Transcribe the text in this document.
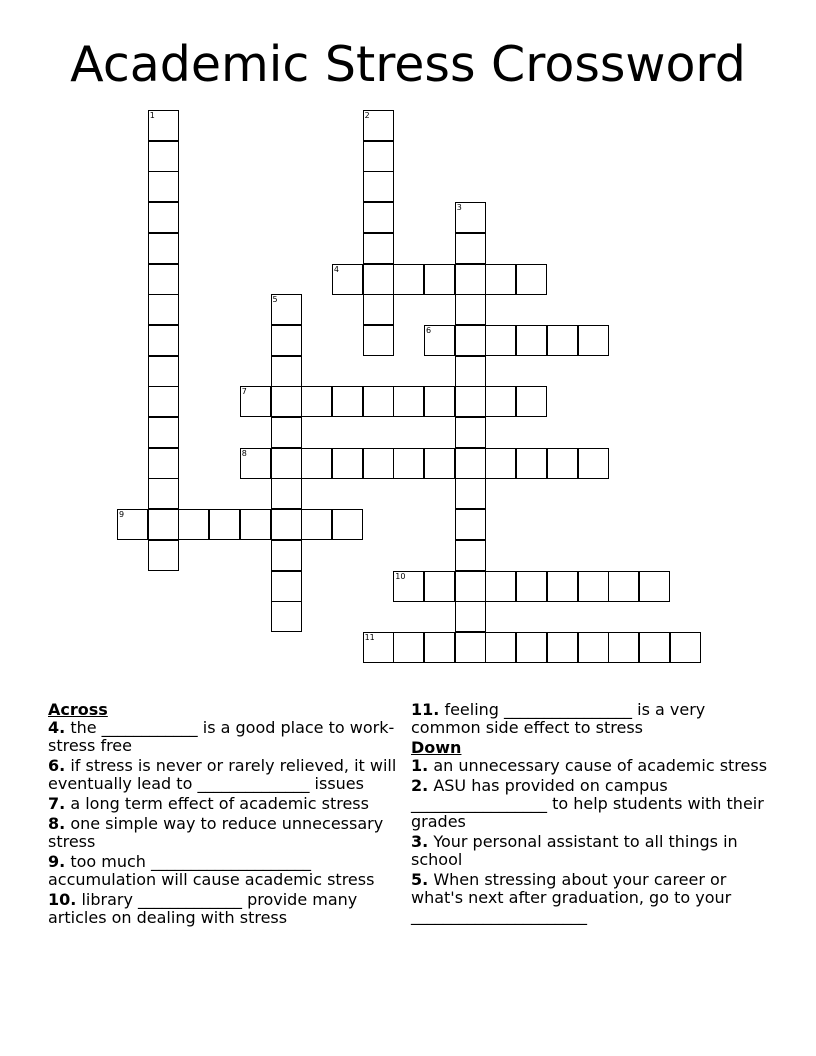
Academic Stress Crossword
1	2
3
4
5
6
7
8
9
10
11
Across
4. the ____________ is a good place to work- stress free
6. if stress is never or rarely relieved, it will eventually lead to ______________ issues
7. a long term effect of academic stress
8. one simple way to reduce unnecessary stress
9. too much ____________________ accumulation will cause academic stress
10. library _____________ provide many articles on dealing with stress
11. feeling ________________ is a very common side effect to stress
Down
1. an unnecessary cause of academic stress
2. ASU has provided on campus _________________ to help students with their grades
3. Your personal assistant to all things in school
5. When stressing about your career or what's next after graduation, go to your ______________________
